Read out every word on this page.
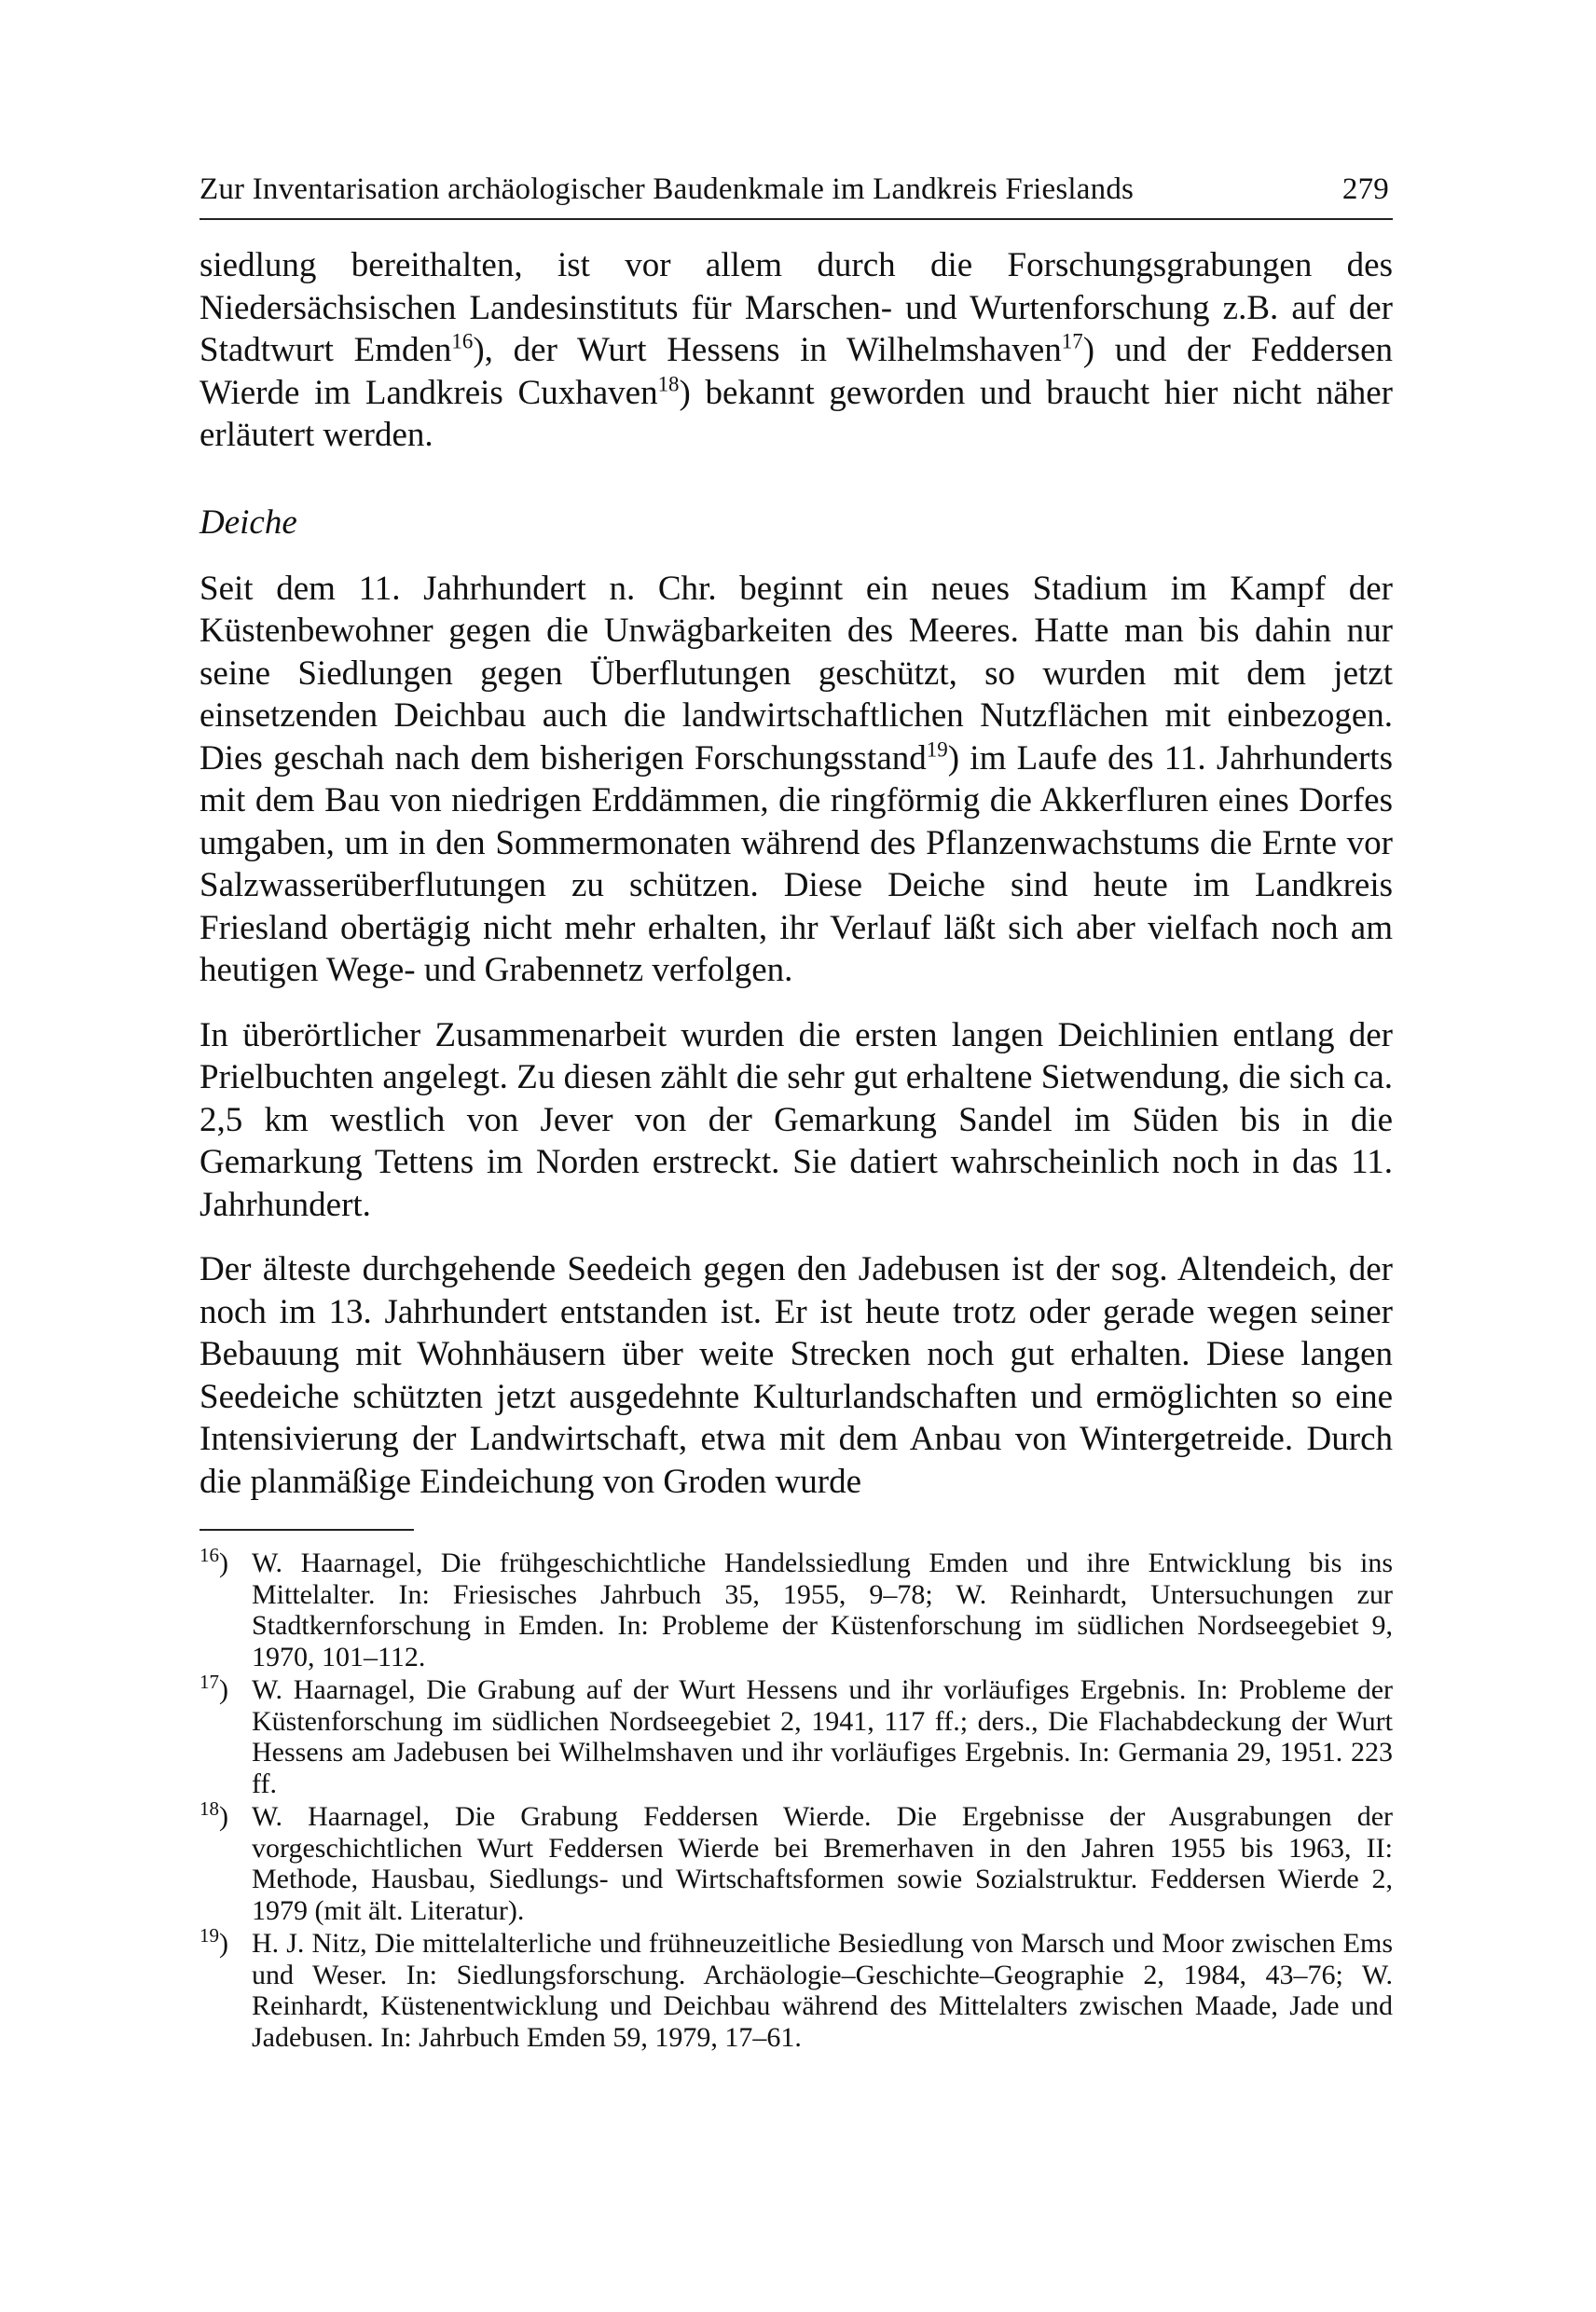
Zur Inventarisation archäologischer Baudenkmale im Landkreis Frieslands	279

siedlung bereithalten, ist vor allem durch die Forschungsgrabungen des Niedersächsischen Landesinstituts für Marschen- und Wurtenforschung z.B. auf der Stadtwurt Emden$^{16}$), der Wurt Hessens in Wilhelmshaven$^{17}$) und der Feddersen Wierde im Landkreis Cuxhaven$^{18}$) bekannt geworden und braucht hier nicht näher erläutert werden.

Deiche

Seit dem 11. Jahrhundert n. Chr. beginnt ein neues Stadium im Kampf der Küstenbewohner gegen die Unwägbarkeiten des Meeres. Hatte man bis dahin nur seine Siedlungen gegen Überflutungen geschützt, so wurden mit dem jetzt einsetzenden Deichbau auch die landwirtschaftlichen Nutzflächen mit einbezogen. Dies geschah nach dem bisherigen Forschungsstand$^{19}$) im Laufe des 11. Jahrhunderts mit dem Bau von niedrigen Erddämmen, die ringförmig die Akkerfluren eines Dorfes umgaben, um in den Sommermonaten während des Pflanzenwachstums die Ernte vor Salzwasserüberflutungen zu schützen. Diese Deiche sind heute im Landkreis Friesland obertägig nicht mehr erhalten, ihr Verlauf läßt sich aber vielfach noch am heutigen Wege- und Grabennetz verfolgen.

In überörtlicher Zusammenarbeit wurden die ersten langen Deichlinien entlang der Prielbuchten angelegt. Zu diesen zählt die sehr gut erhaltene Sietwendung, die sich ca. 2,5 km westlich von Jever von der Gemarkung Sandel im Süden bis in die Gemarkung Tettens im Norden erstreckt. Sie datiert wahrscheinlich noch in das 11. Jahrhundert.

Der älteste durchgehende Seedeich gegen den Jadebusen ist der sog. Altendeich, der noch im 13. Jahrhundert entstanden ist. Er ist heute trotz oder gerade wegen seiner Bebauung mit Wohnhäusern über weite Strecken noch gut erhalten. Diese langen Seedeiche schützten jetzt ausgedehnte Kulturlandschaften und ermöglichten so eine Intensivierung der Landwirtschaft, etwa mit dem Anbau von Wintergetreide. Durch die planmäßige Eindeichung von Groden wurde

$^{16}$) W. Haarnagel, Die frühgeschichtliche Handelssiedlung Emden und ihre Entwicklung bis ins Mittelalter. In: Friesisches Jahrbuch 35, 1955, 9–78; W. Reinhardt, Untersuchungen zur Stadtkernforschung in Emden. In: Probleme der Küstenforschung im südlichen Nordseegebiet 9, 1970, 101–112.
$^{17}$) W. Haarnagel, Die Grabung auf der Wurt Hessens und ihr vorläufiges Ergebnis. In: Probleme der Küstenforschung im südlichen Nordseegebiet 2, 1941, 117 ff.; ders., Die Flachabdeckung der Wurt Hessens am Jadebusen bei Wilhelmshaven und ihr vorläufiges Ergebnis. In: Germania 29, 1951. 223 ff.
$^{18}$) W. Haarnagel, Die Grabung Feddersen Wierde. Die Ergebnisse der Ausgrabungen der vorgeschichtlichen Wurt Feddersen Wierde bei Bremerhaven in den Jahren 1955 bis 1963, II: Methode, Hausbau, Siedlungs- und Wirtschaftsformen sowie Sozialstruktur. Feddersen Wierde 2, 1979 (mit ält. Literatur).
$^{19}$) H. J. Nitz, Die mittelalterliche und frühneuzeitliche Besiedlung von Marsch und Moor zwischen Ems und Weser. In: Siedlungsforschung. Archäologie–Geschichte–Geographie 2, 1984, 43–76; W. Reinhardt, Küstenentwicklung und Deichbau während des Mittelalters zwischen Maade, Jade und Jadebusen. In: Jahrbuch Emden 59, 1979, 17–61.
